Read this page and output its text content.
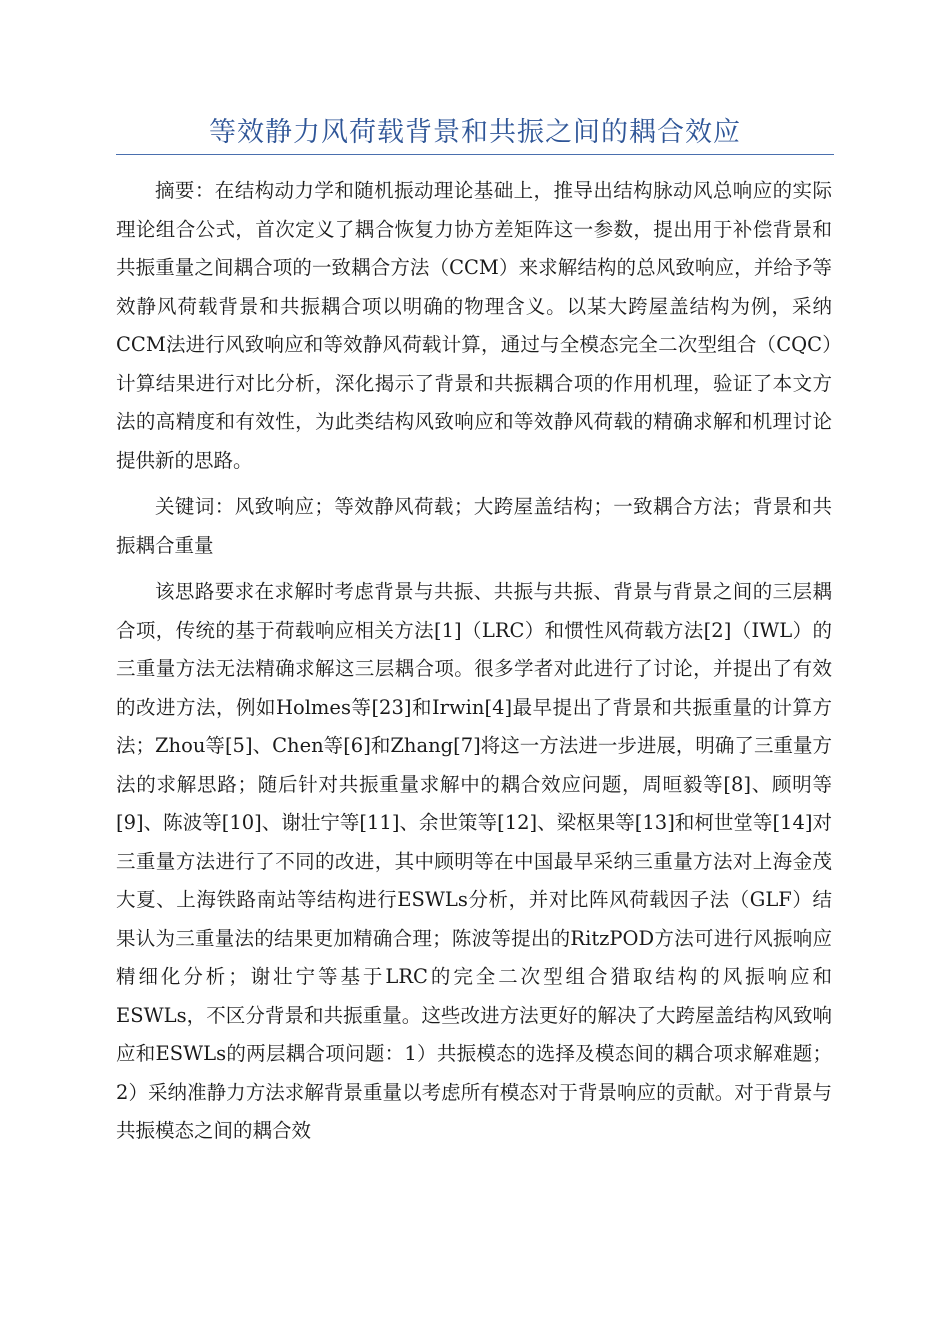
等效静力风荷载背景和共振之间的耦合效应

摘要：在结构动力学和随机振动理论基础上，推导出结构脉动风总响应的实际理论组合公式，首次定义了耦合恢复力协方差矩阵这一参数，提出用于补偿背景和共振重量之间耦合项的一致耦合方法（CCM）来求解结构的总风致响应，并给予等效静风荷载背景和共振耦合项以明确的物理含义。以某大跨屋盖结构为例，采纳CCM法进行风致响应和等效静风荷载计算，通过与全模态完全二次型组合（CQC）计算结果进行对比分析，深化揭示了背景和共振耦合项的作用机理，验证了本文方法的高精度和有效性，为此类结构风致响应和等效静风荷载的精确求解和机理讨论提供新的思路。

关键词：风致响应；等效静风荷载；大跨屋盖结构；一致耦合方法；背景和共振耦合重量

该思路要求在求解时考虑背景与共振、共振与共振、背景与背景之间的三层耦合项，传统的基于荷载响应相关方法[1]（LRC）和惯性风荷载方法[2]（IWL）的三重量方法无法精确求解这三层耦合项。很多学者对此进行了讨论，并提出了有效的改进方法，例如Holmes等[23]和Irwin[4]最早提出了背景和共振重量的计算方法；Zhou等[5]、Chen等[6]和Zhang[7]将这一方法进一步进展，明确了三重量方法的求解思路；随后针对共振重量求解中的耦合效应问题，周晅毅等[8]、顾明等[9]、陈波等[10]、谢壮宁等[11]、余世策等[12]、梁枢果等[13]和柯世堂等[14]对三重量方法进行了不同的改进，其中顾明等在中国最早采纳三重量方法对上海金茂大夏、上海铁路南站等结构进行ESWLs分析，并对比阵风荷载因子法（GLF）结果认为三重量法的结果更加精确合理；陈波等提出的RitzPOD方法可进行风振响应精细化分析；谢壮宁等基于LRC的完全二次型组合猎取结构的风振响应和ESWLs，不区分背景和共振重量。这些改进方法更好的解决了大跨屋盖结构风致响应和ESWLs的两层耦合项问题：1）共振模态的选择及模态间的耦合项求解难题；2）采纳准静力方法求解背景重量以考虑所有模态对于背景响应的贡献。对于背景与共振模态之间的耦合效
